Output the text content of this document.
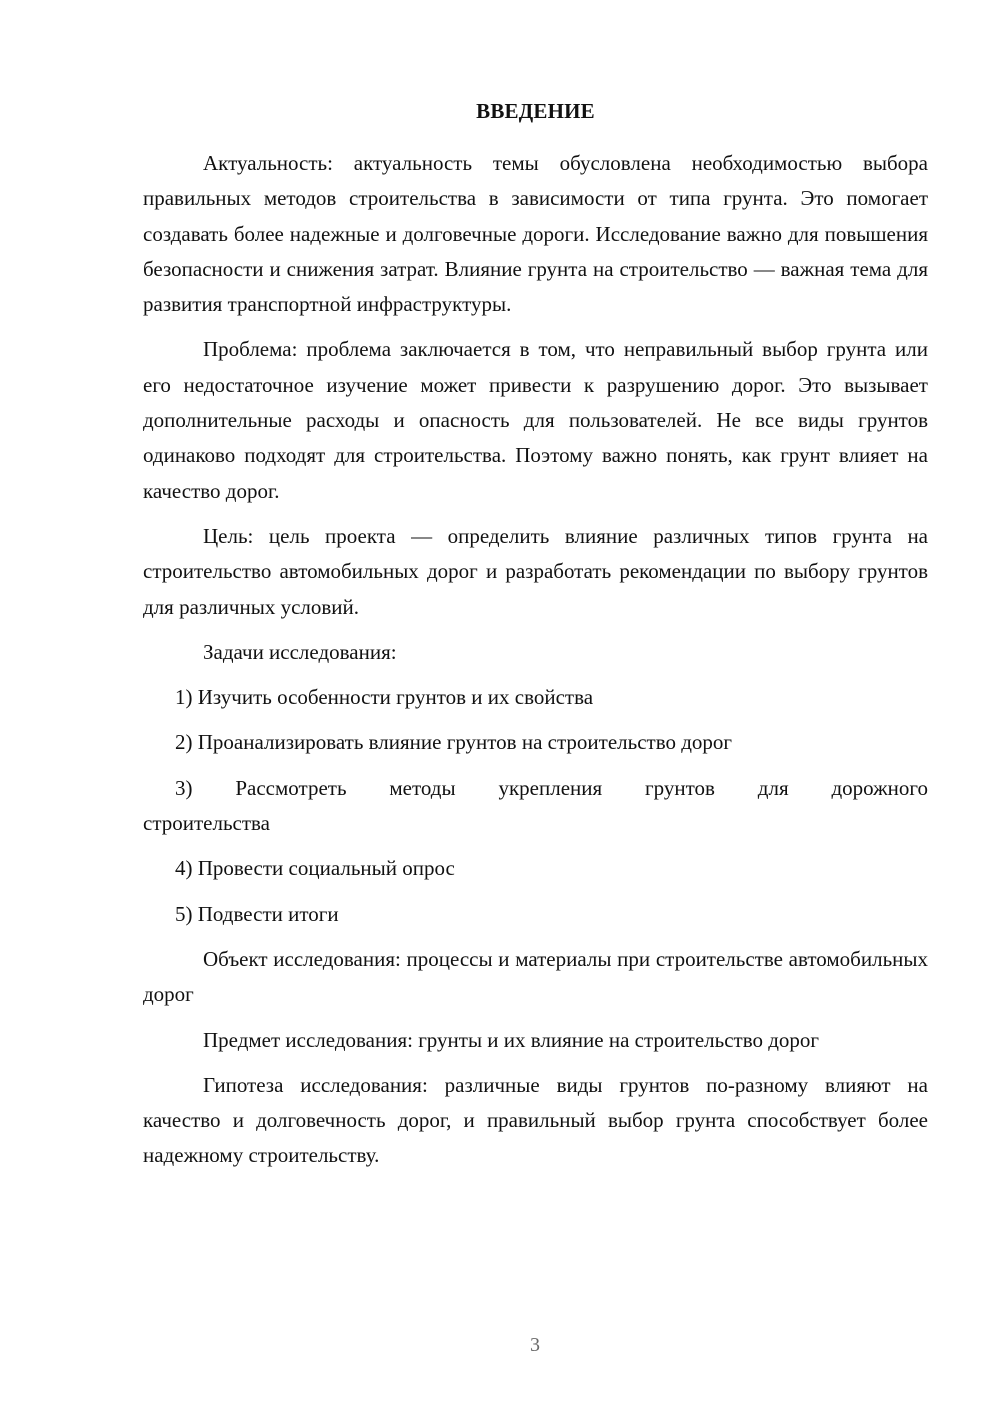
ВВЕДЕНИЕ

Актуальность: актуальность темы обусловлена необходимостью выбора правильных методов строительства в зависимости от типа грунта. Это помогает создавать более надежные и долговечные дороги. Исследование важно для повышения безопасности и снижения затрат. Влияние грунта на строительство — важная тема для развития транспортной инфраструктуры.

Проблема: проблема заключается в том, что неправильный выбор грунта или его недостаточное изучение может привести к разрушению дорог. Это вызывает дополнительные расходы и опасность для пользователей. Не все виды грунтов одинаково подходят для строительства. Поэтому важно понять, как грунт влияет на качество дорог.

Цель: цель проекта — определить влияние различных типов грунта на строительство автомобильных дорог и разработать рекомендации по выбору грунтов для различных условий.

Задачи исследования:

1) Изучить особенности грунтов и их свойства

2) Проанализировать влияние грунтов на строительство дорог

3) Рассмотреть методы укрепления грунтов для дорожного строительства

4) Провести социальный опрос

5) Подвести итоги

Объект исследования: процессы и материалы при строительстве автомобильных дорог

Предмет исследования: грунты и их влияние на строительство дорог

Гипотеза исследования: различные виды грунтов по-разному влияют на качество и долговечность дорог, и правильный выбор грунта способствует более надежному строительству.

3
